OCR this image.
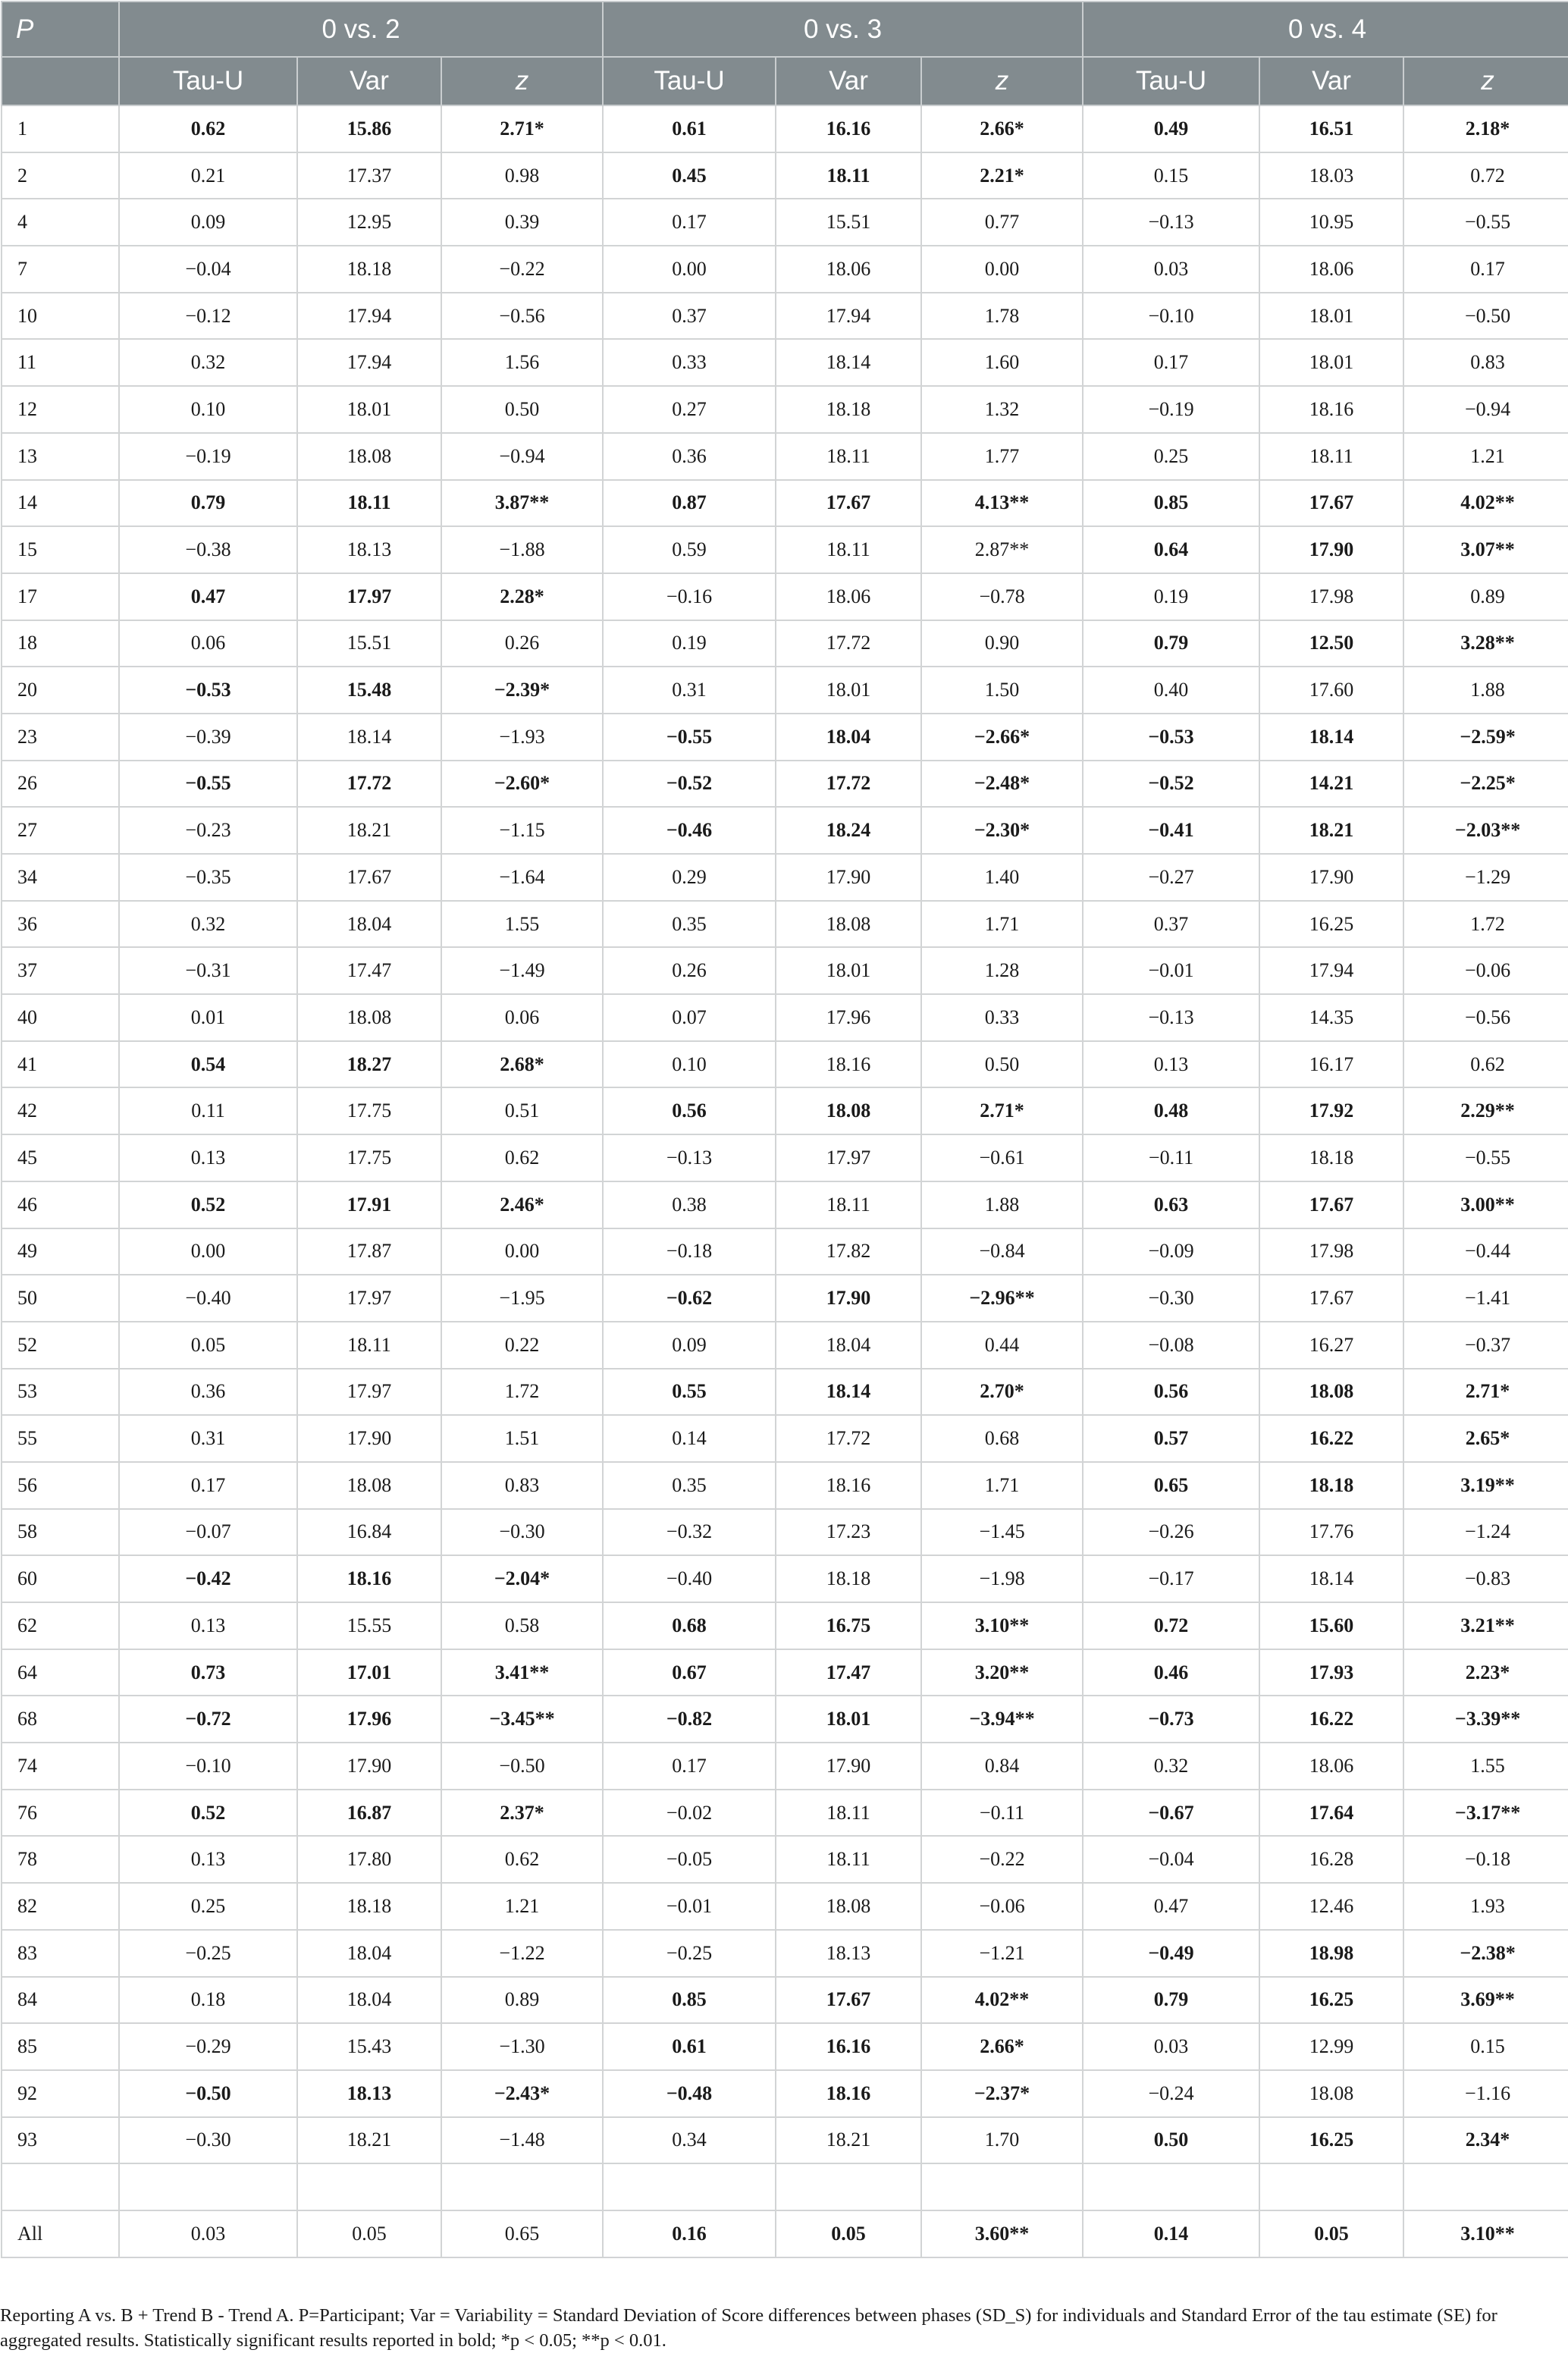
P	0 vs. 2			0 vs. 3			0 vs. 4		
	Tau-U	Var	z	Tau-U	Var	z	Tau-U	Var	z
1	0.62	15.86	2.71*	0.61	16.16	2.66*	0.49	16.51	2.18*
2	0.21	17.37	0.98	0.45	18.11	2.21*	0.15	18.03	0.72
4	0.09	12.95	0.39	0.17	15.51	0.77	−0.13	10.95	−0.55
7	−0.04	18.18	−0.22	0.00	18.06	0.00	0.03	18.06	0.17
10	−0.12	17.94	−0.56	0.37	17.94	1.78	−0.10	18.01	−0.50
11	0.32	17.94	1.56	0.33	18.14	1.60	0.17	18.01	0.83
12	0.10	18.01	0.50	0.27	18.18	1.32	−0.19	18.16	−0.94
13	−0.19	18.08	−0.94	0.36	18.11	1.77	0.25	18.11	1.21
14	0.79	18.11	3.87**	0.87	17.67	4.13**	0.85	17.67	4.02**
15	−0.38	18.13	−1.88	0.59	18.11	2.87**	0.64	17.90	3.07**
17	0.47	17.97	2.28*	−0.16	18.06	−0.78	0.19	17.98	0.89
18	0.06	15.51	0.26	0.19	17.72	0.90	0.79	12.50	3.28**
20	−0.53	15.48	−2.39*	0.31	18.01	1.50	0.40	17.60	1.88
23	−0.39	18.14	−1.93	−0.55	18.04	−2.66*	−0.53	18.14	−2.59*
26	−0.55	17.72	−2.60*	−0.52	17.72	−2.48*	−0.52	14.21	−2.25*
27	−0.23	18.21	−1.15	−0.46	18.24	−2.30*	−0.41	18.21	−2.03**
34	−0.35	17.67	−1.64	0.29	17.90	1.40	−0.27	17.90	−1.29
36	0.32	18.04	1.55	0.35	18.08	1.71	0.37	16.25	1.72
37	−0.31	17.47	−1.49	0.26	18.01	1.28	−0.01	17.94	−0.06
40	0.01	18.08	0.06	0.07	17.96	0.33	−0.13	14.35	−0.56
41	0.54	18.27	2.68*	0.10	18.16	0.50	0.13	16.17	0.62
42	0.11	17.75	0.51	0.56	18.08	2.71*	0.48	17.92	2.29**
45	0.13	17.75	0.62	−0.13	17.97	−0.61	−0.11	18.18	−0.55
46	0.52	17.91	2.46*	0.38	18.11	1.88	0.63	17.67	3.00**
49	0.00	17.87	0.00	−0.18	17.82	−0.84	−0.09	17.98	−0.44
50	−0.40	17.97	−1.95	−0.62	17.90	−2.96**	−0.30	17.67	−1.41
52	0.05	18.11	0.22	0.09	18.04	0.44	−0.08	16.27	−0.37
53	0.36	17.97	1.72	0.55	18.14	2.70*	0.56	18.08	2.71*
55	0.31	17.90	1.51	0.14	17.72	0.68	0.57	16.22	2.65*
56	0.17	18.08	0.83	0.35	18.16	1.71	0.65	18.18	3.19**
58	−0.07	16.84	−0.30	−0.32	17.23	−1.45	−0.26	17.76	−1.24
60	−0.42	18.16	−2.04*	−0.40	18.18	−1.98	−0.17	18.14	−0.83
62	0.13	15.55	0.58	0.68	16.75	3.10**	0.72	15.60	3.21**
64	0.73	17.01	3.41**	0.67	17.47	3.20**	0.46	17.93	2.23*
68	−0.72	17.96	−3.45**	−0.82	18.01	−3.94**	−0.73	16.22	−3.39**
74	−0.10	17.90	−0.50	0.17	17.90	0.84	0.32	18.06	1.55
76	0.52	16.87	2.37*	−0.02	18.11	−0.11	−0.67	17.64	−3.17**
78	0.13	17.80	0.62	−0.05	18.11	−0.22	−0.04	16.28	−0.18
82	0.25	18.18	1.21	−0.01	18.08	−0.06	0.47	12.46	1.93
83	−0.25	18.04	−1.22	−0.25	18.13	−1.21	−0.49	18.98	−2.38*
84	0.18	18.04	0.89	0.85	17.67	4.02**	0.79	16.25	3.69**
85	−0.29	15.43	−1.30	0.61	16.16	2.66*	0.03	12.99	0.15
92	−0.50	18.13	−2.43*	−0.48	18.16	−2.37*	−0.24	18.08	−1.16
93	−0.30	18.21	−1.48	0.34	18.21	1.70	0.50	16.25	2.34*

All	0.03	0.05	0.65	0.16	0.05	3.60**	0.14	0.05	3.10**
Reporting A vs. B + Trend B - Trend A. P=Participant; Var = Variability = Standard Deviation of Score differences between phases (SD_S) for individuals and Standard Error of the tau estimate (SE) for aggregated results. Statistically significant results reported in bold; *p < 0.05; **p < 0.01.
